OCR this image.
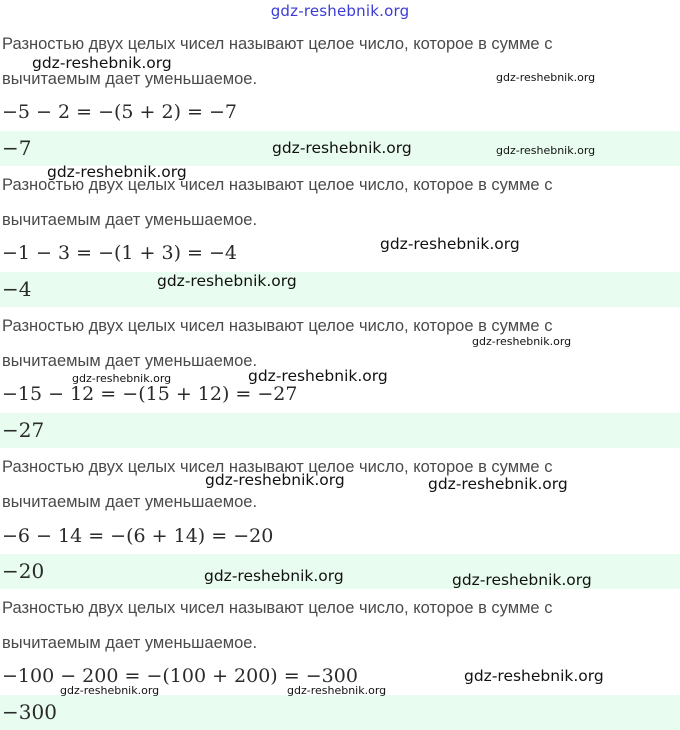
gdz-reshebnik.org
Разностью двух целых чисел называют целое число, которое в сумме с
вычитаемым дает уменьшаемое.
−5 − 2 = −(5 + 2) = −7
−7
Разностью двух целых чисел называют целое число, которое в сумме с
вычитаемым дает уменьшаемое.
−1 − 3 = −(1 + 3) = −4
−4
Разностью двух целых чисел называют целое число, которое в сумме с
вычитаемым дает уменьшаемое.
−15 − 12 = −(15 + 12) = −27
−27
Разностью двух целых чисел называют целое число, которое в сумме с
вычитаемым дает уменьшаемое.
−6 − 14 = −(6 + 14) = −20
−20
Разностью двух целых чисел называют целое число, которое в сумме с
вычитаемым дает уменьшаемое.
−100 − 200 = −(100 + 200) = −300
−300
gdz-reshebnik.org
gdz-reshebnik.org
gdz-reshebnik.org	gdz-reshebnik.org
gdz-reshebnik.org
gdz-reshebnik.org
gdz-reshebnik.org
gdz-reshebnik.org
gdz-reshebnik.org	gdz-reshebnik.org
gdz-reshebnik.org	gdz-reshebnik.org
gdz-reshebnik.org	gdz-reshebnik.org
gdz-reshebnik.org
gdz-reshebnik.org	gdz-reshebnik.org
